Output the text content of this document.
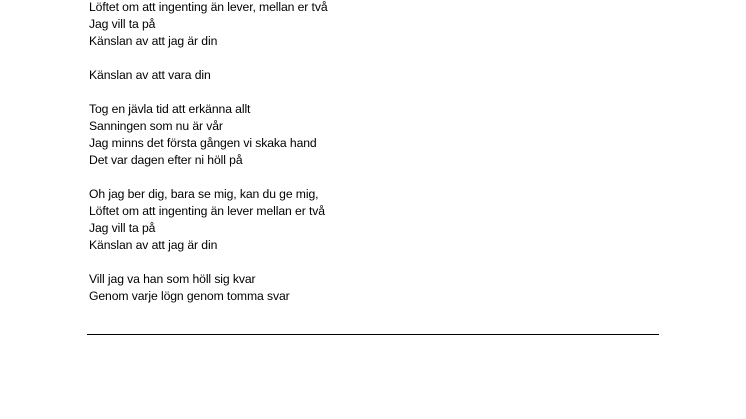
Löftet om att ingenting än lever, mellan er två
Jag vill ta på
Känslan av att jag är din
Känslan av att vara din
Tog en jävla tid att erkänna allt
Sanningen som nu är vår
Jag minns det första gången vi skaka hand
Det var dagen efter ni höll på
Oh jag ber dig, bara se mig, kan du ge mig,
Löftet om att ingenting än lever mellan er två
Jag vill ta på
Känslan av att jag är din
Vill jag va han som höll sig kvar
Genom varje lögn genom tomma svar
